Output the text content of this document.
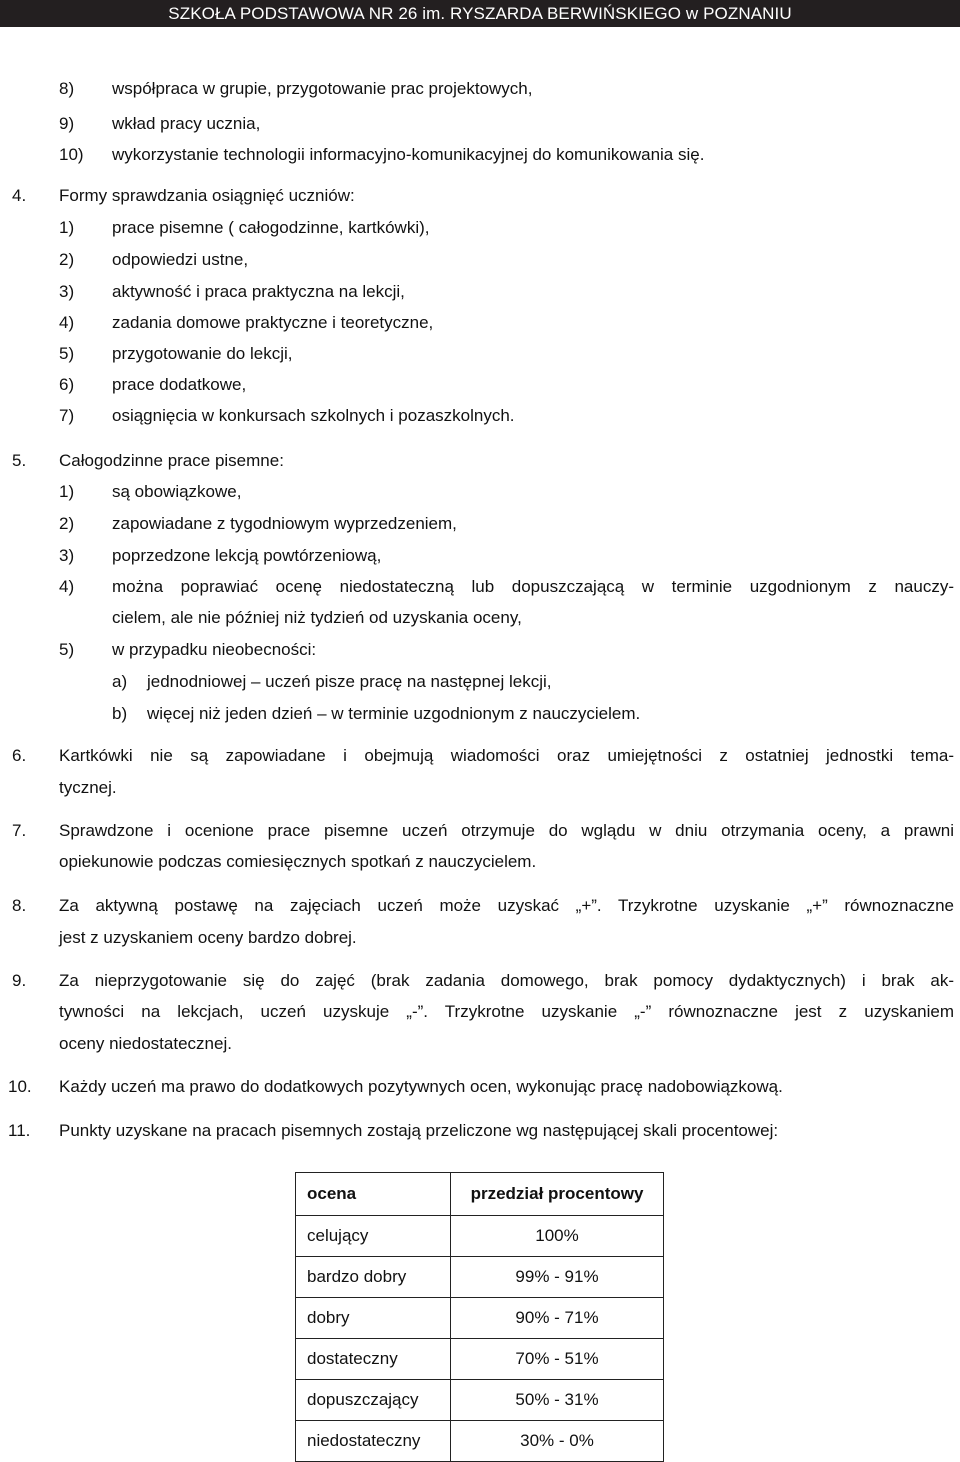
SZKOŁA PODSTAWOWA NR 26 im. RYSZARDA BERWIŃSKIEGO w POZNANIU
8) współpraca w grupie, przygotowanie prac projektowych,
9) wkład pracy ucznia,
10) wykorzystanie technologii informacyjno-komunikacyjnej do komunikowania się.
4. Formy sprawdzania osiągnięć uczniów:
1) prace pisemne ( całogodzinne, kartkówki),
2) odpowiedzi ustne,
3) aktywność i praca praktyczna na lekcji,
4) zadania domowe praktyczne i teoretyczne,
5) przygotowanie do lekcji,
6) prace dodatkowe,
7) osiągnięcia w konkursach szkolnych i pozaszkolnych.
5. Całogodzinne prace pisemne:
1) są obowiązkowe,
2) zapowiadane z tygodniowym wyprzedzeniem,
3) poprzedzone lekcją powtórzeniową,
4) można poprawiać ocenę niedostateczną lub dopuszczającą w terminie uzgodnionym z nauczy-
cielem, ale nie później niż tydzień od uzyskania oceny,
5) w przypadku nieobecności:
a) jednodniowej – uczeń pisze pracę na następnej lekcji,
b) więcej niż jeden dzień – w terminie uzgodnionym z nauczycielem.
6. Kartkówki nie są zapowiadane i obejmują wiadomości oraz umiejętności z ostatniej jednostki tema-
tycznej.
7. Sprawdzone i ocenione prace pisemne uczeń otrzymuje do wglądu w dniu otrzymania oceny, a prawni
opiekunowie podczas comiesięcznych spotkań z nauczycielem.
8. Za aktywną postawę na zajęciach uczeń może uzyskać „+”. Trzykrotne uzyskanie „+” równoznaczne
jest z uzyskaniem oceny bardzo dobrej.
9. Za nieprzygotowanie się do zajęć (brak zadania domowego, brak pomocy dydaktycznych) i brak ak-
tywności na lekcjach, uczeń uzyskuje „-”. Trzykrotne uzyskanie „-” równoznaczne jest z uzyskaniem
oceny niedostatecznej.
10. Każdy uczeń ma prawo do dodatkowych pozytywnych ocen, wykonując pracę nadobowiązkową.
11. Punkty uzyskane na pracach pisemnych zostają przeliczone wg następującej skali procentowej:
ocena	przedział procentowy
celujący	100%
bardzo dobry	99% - 91%
dobry	90% - 71%
dostateczny	70% - 51%
dopuszczający	50% - 31%
niedostateczny	30% - 0%
